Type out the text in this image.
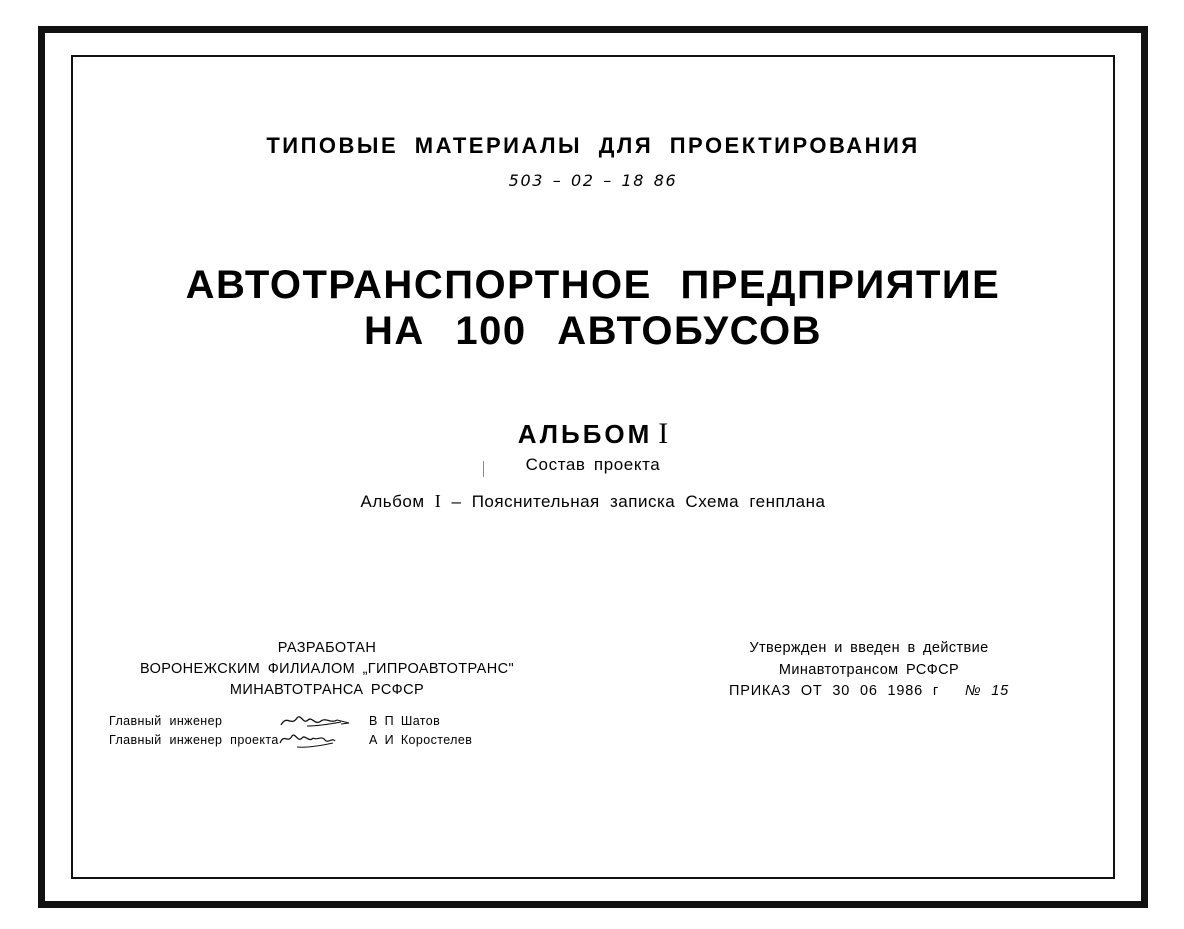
ТИПОВЫЕ МАТЕРИАЛЫ ДЛЯ ПРОЕКТИРОВАНИЯ
503 – 02 – 18 86
АВТОТРАНСПОРТНОЕ ПРЕДПРИЯТИЕ
НА 100 АВТОБУСОВ
АЛЬБОМ I
Состав проекта
Альбом I – Пояснительная записка Схема генплана
РАЗРАБОТАН
ВОРОНЕЖСКИМ ФИЛИАЛОМ „ГИПРОАВТОТРАНС"
МИНАВТОТРАНСА РСФСР
Главный инженер	В П Шатов
Главный инженер проекта	А И Коростелев
Утвержден и введен в действие
Минавтотрансом РСФСР
ПРИКАЗ ОТ 30 06 1986 г № 15
